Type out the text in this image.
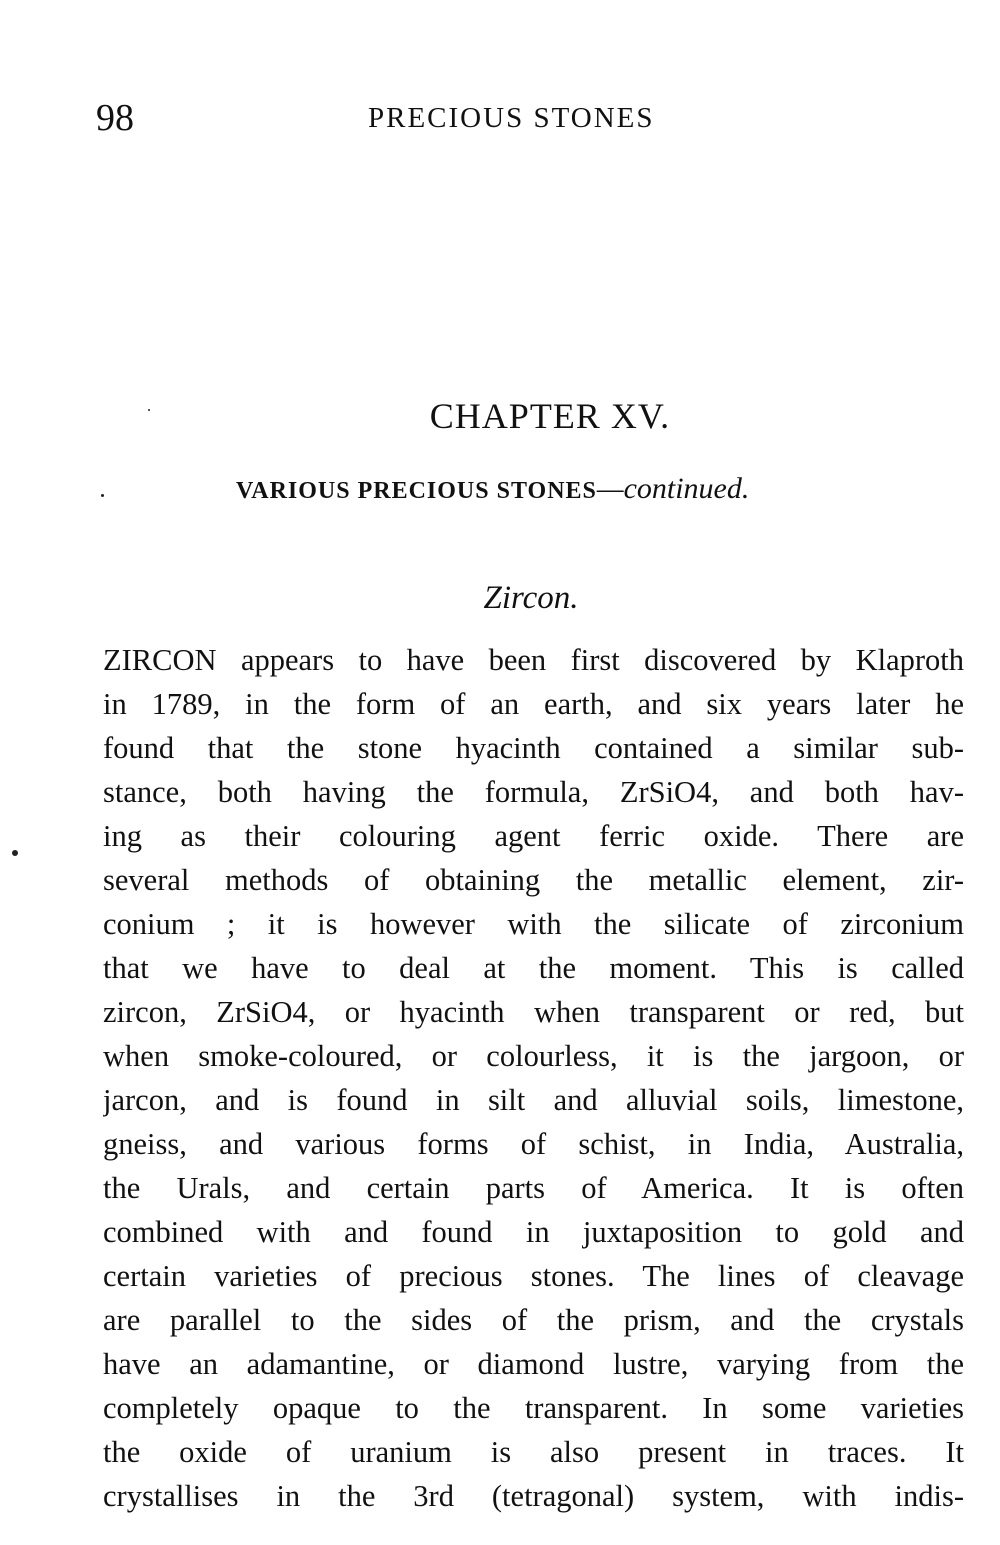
98	PRECIOUS STONES
CHAPTER XV.
VARIOUS PRECIOUS STONES—continued.
Zircon.
ZIRCON appears to have been first discovered by Klaproth
in 1789, in the form of an earth, and six years later he
found that the stone hyacinth contained a similar sub-
stance, both having the formula, ZrSiO4, and both hav-
ing as their colouring agent ferric oxide. There are
several methods of obtaining the metallic element, zir-
conium ; it is however with the silicate of zirconium
that we have to deal at the moment. This is called
zircon, ZrSiO4, or hyacinth when transparent or red, but
when smoke-coloured, or colourless, it is the jargoon, or
jarcon, and is found in silt and alluvial soils, limestone,
gneiss, and various forms of schist, in India, Australia,
the Urals, and certain parts of America. It is often
combined with and found in juxtaposition to gold and
certain varieties of precious stones. The lines of cleavage
are parallel to the sides of the prism, and the crystals
have an adamantine, or diamond lustre, varying from the
completely opaque to the transparent. In some varieties
the oxide of uranium is also present in traces. It
crystallises in the 3rd (tetragonal) system, with indis-
